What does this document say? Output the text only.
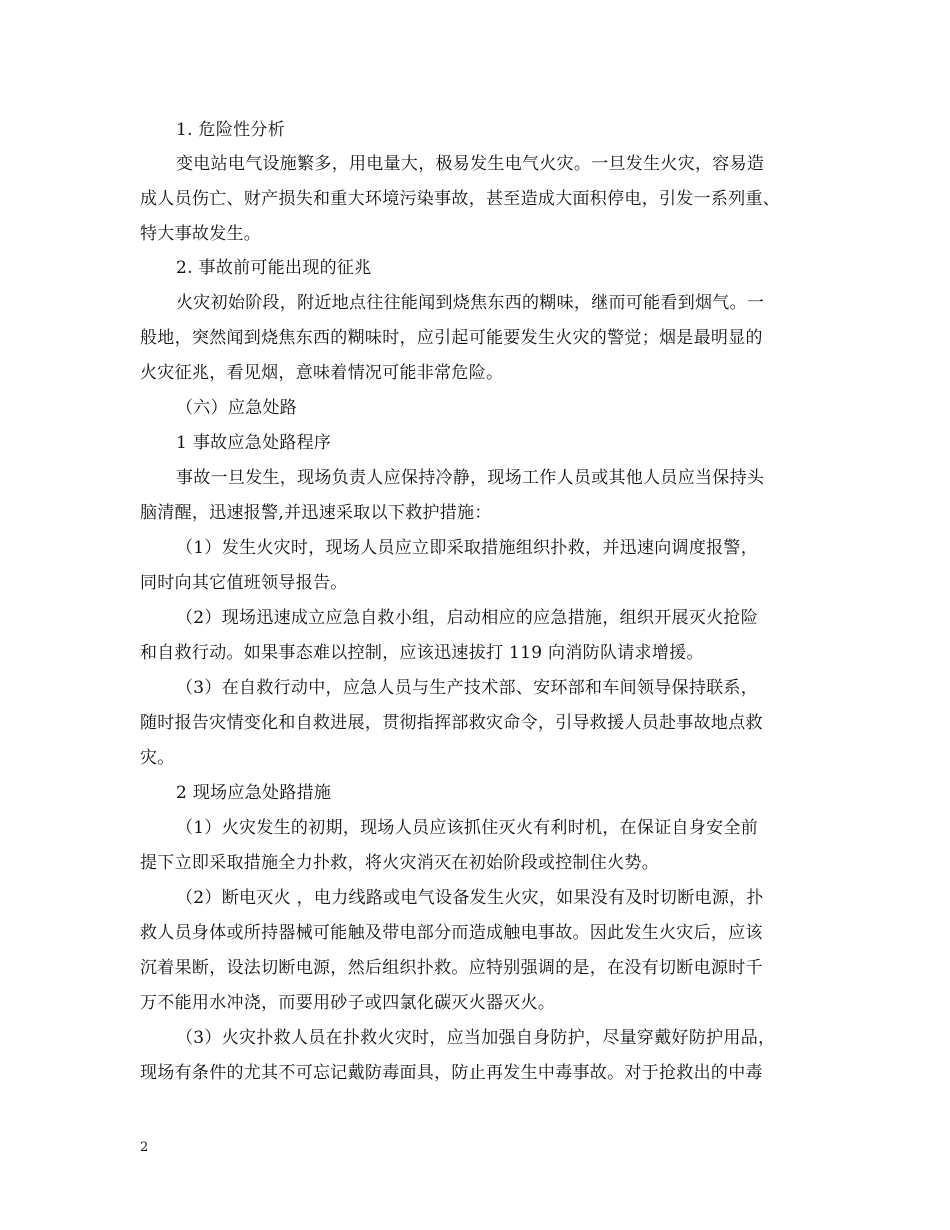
1. 危险性分析
变电站电气设施繁多，用电量大，极易发生电气火灾。一旦发生火灾，容易造
成人员伤亡、财产损失和重大环境污染事故，甚至造成大面积停电，引发一系列重、
特大事故发生。
2. 事故前可能出现的征兆
火灾初始阶段，附近地点往往能闻到烧焦东西的糊味，继而可能看到烟气。一
般地，突然闻到烧焦东西的糊味时，应引起可能要发生火灾的警觉；烟是最明显的
火灾征兆，看见烟，意味着情况可能非常危险。
（六）应急处路
1 事故应急处路程序
事故一旦发生，现场负责人应保持冷静，现场工作人员或其他人员应当保持头
脑清醒，迅速报警,并迅速采取以下救护措施：
（1）发生火灾时，现场人员应立即采取措施组织扑救，并迅速向调度报警，
同时向其它值班领导报告。
（2）现场迅速成立应急自救小组，启动相应的应急措施，组织开展灭火抢险
和自救行动。如果事态难以控制，应该迅速拔打 119 向消防队请求增援。
（3）在自救行动中，应急人员与生产技术部、安环部和车间领导保持联系，
随时报告灾情变化和自救进展，贯彻指挥部救灾命令，引导救援人员赴事故地点救
灾。
2 现场应急处路措施
（1）火灾发生的初期，现场人员应该抓住灭火有利时机，在保证自身安全前
提下立即采取措施全力扑救，将火灾消灭在初始阶段或控制住火势。
（2）断电灭火 ，电力线路或电气设备发生火灾，如果没有及时切断电源，扑
救人员身体或所持器械可能触及带电部分而造成触电事故。因此发生火灾后，应该
沉着果断，设法切断电源，然后组织扑救。应特别强调的是，在没有切断电源时千
万不能用水冲浇，而要用砂子或四氯化碳灭火器灭火。
（3）火灾扑救人员在扑救火灾时，应当加强自身防护，尽量穿戴好防护用品，
现场有条件的尤其不可忘记戴防毒面具，防止再发生中毒事故。对于抢救出的中毒
2
